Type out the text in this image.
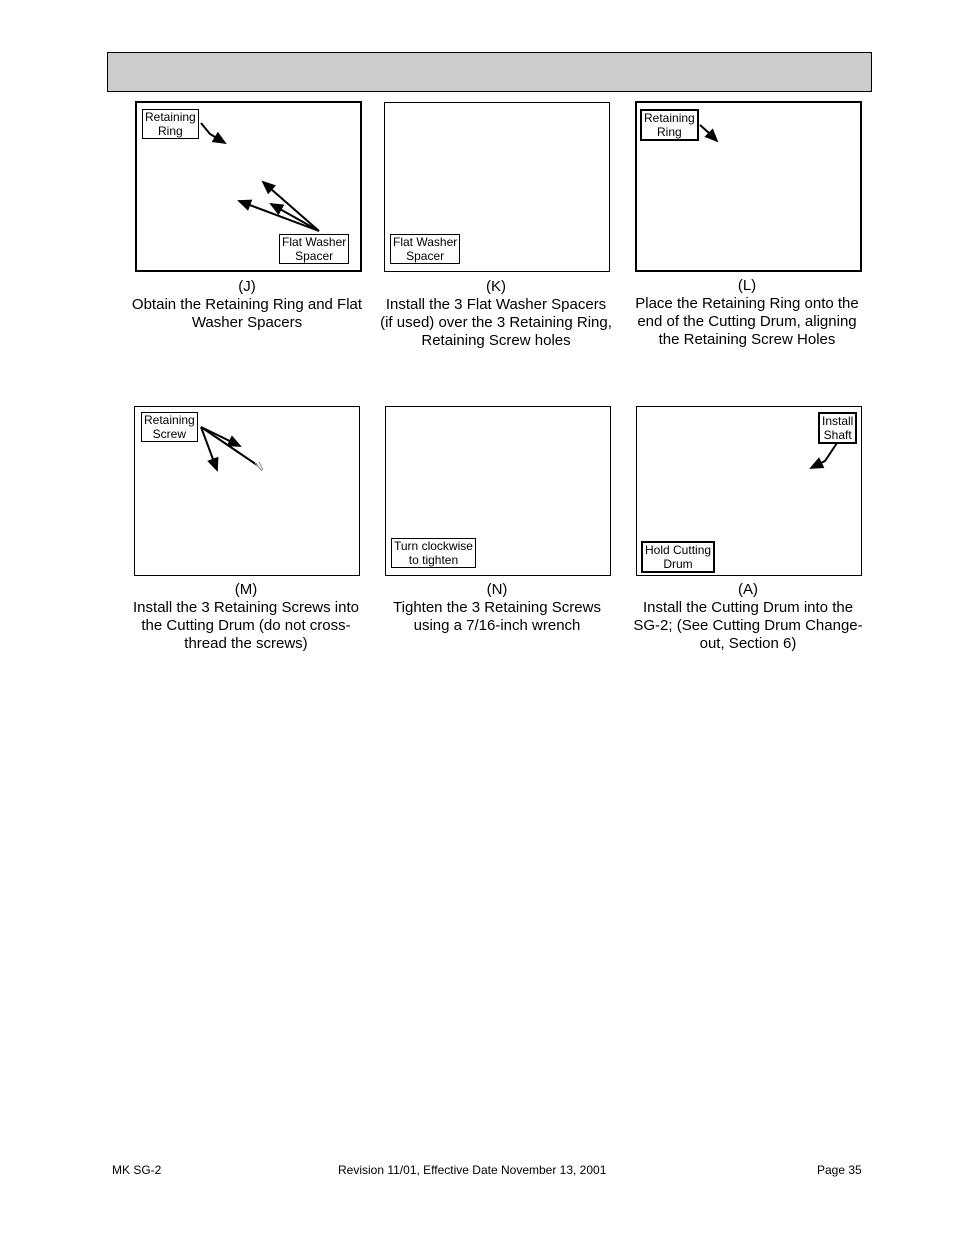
Retaining
Ring
Flat Washer
Spacer
(J)
Obtain the Retaining Ring and Flat Washer Spacers
Flat Washer
Spacer
(K)
Install the 3 Flat Washer Spacers (if used) over the 3 Retaining Ring, Retaining Screw holes
Retaining
Ring
(L)
Place the Retaining Ring onto the end of the Cutting Drum, aligning the Retaining Screw Holes
Retaining
Screw
(M)
Install the 3 Retaining Screws into the Cutting Drum (do not cross-thread the screws)
Turn clockwise
to tighten
(N)
Tighten the 3 Retaining Screws using a 7/16-inch wrench
Install
Shaft
Hold Cutting
Drum
(A)
Install the Cutting Drum into the SG-2; (See Cutting Drum Change-out, Section 6)
MK SG-2	Revision 11/01, Effective Date November 13, 2001	Page 35
